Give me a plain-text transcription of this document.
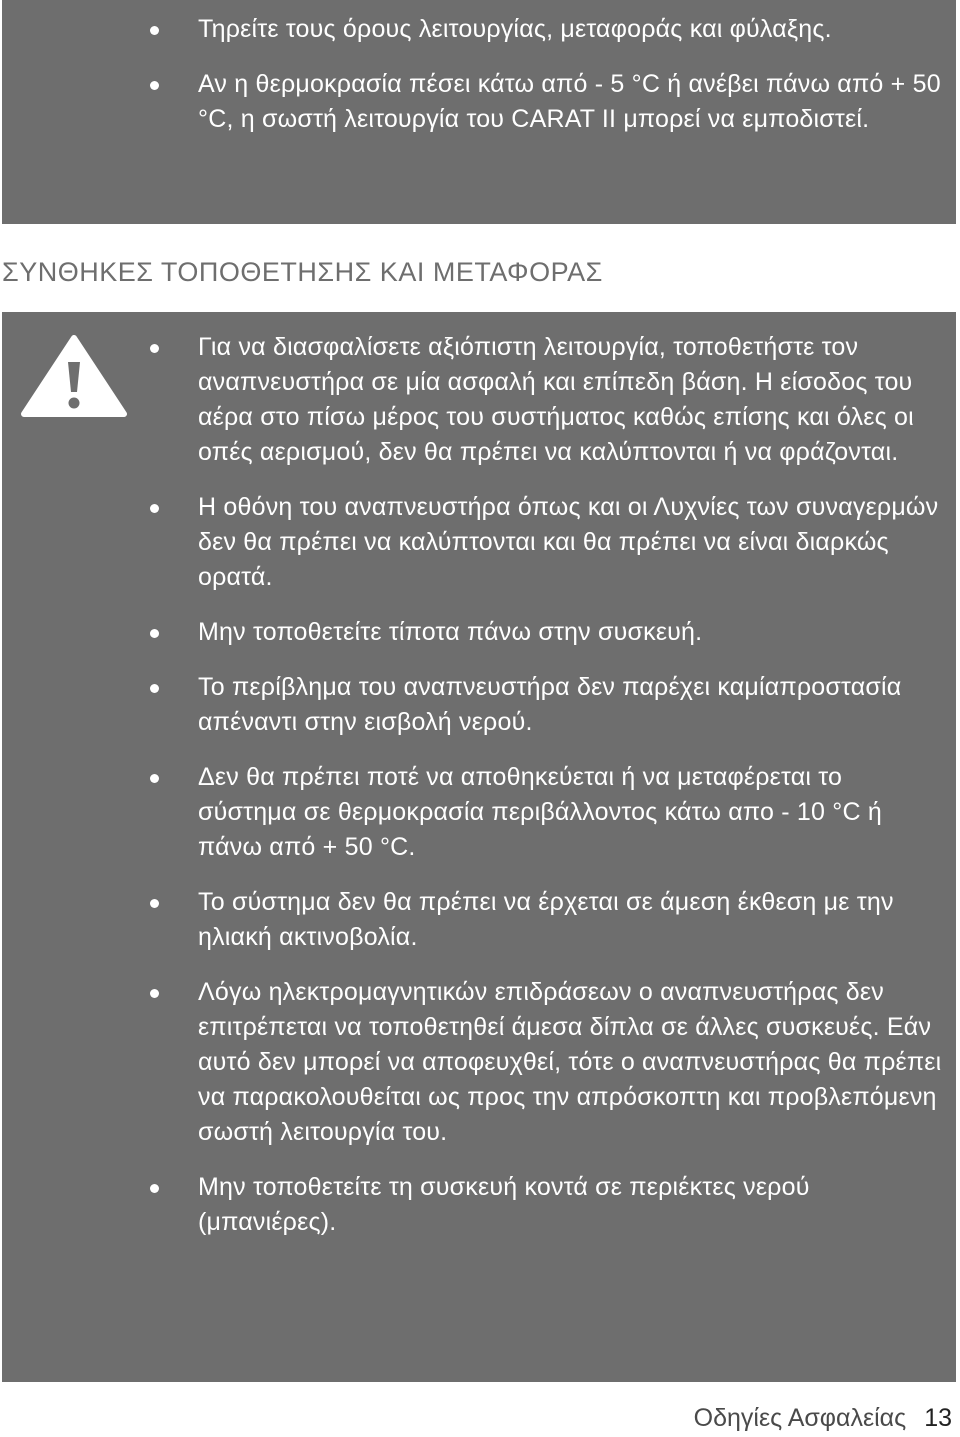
Τηρείτε τους όρους λειτουργίας, μεταφοράς και φύλαξης.
Αν η θερμοκρασία πέσει κάτω από - 5 °C ή ανέβει πάνω από + 50 °C, η σωστή λειτουργία του CARAT II μπορεί να εμποδιστεί.
ΣΥΝΘΗΚΕΣ ΤΟΠΟΘΕΤΗΣΗΣ ΚΑΙ ΜΕΤΑΦΟΡΑΣ
Για να διασφαλίσετε αξιόπιστη λειτουργία, τοποθετήστε τον αναπνευστήρα σε μία ασφαλή και επίπεδη βάση. Η είσοδος του αέρα στο πίσω μέρος του συστήματος καθώς επίσης και όλες οι οπές αερισμού, δεν θα πρέπει να καλύπτονται ή να φράζονται.
Η οθόνη του αναπνευστήρα όπως και οι Λυχνίες των συναγερμών δεν θα πρέπει να καλύπτονται και θα πρέπει να είναι διαρκώς ορατά.
Μην τοποθετείτε τίποτα πάνω στην συσκευή.
Το περίβλημα του αναπνευστήρα δεν παρέχει καμίαπροστασία απέναντι στην εισβολή νερού.
Δεν θα πρέπει ποτέ να αποθηκεύεται ή να μεταφέρεται το σύστημα σε θερμοκρασία περιβάλλοντος κάτω απο - 10 °C ή πάνω από + 50 °C.
Το σύστημα δεν θα πρέπει να έρχεται σε άμεση έκθεση με την ηλιακή ακτινοβολία.
Λόγω ηλεκτρομαγνητικών επιδράσεων ο αναπνευστήρας δεν επιτρέπεται να τοποθετηθεί άμεσα δίπλα σε άλλες συσκευές. Εάν αυτό δεν μπορεί να αποφευχθεί, τότε ο αναπνευστήρας θα πρέπει να παρακολουθείται ως προς την απρόσκοπτη και προβλεπόμενη σωστή λειτουργία του.
Μην τοποθετείτε τη συσκευή κοντά σε περιέκτες νερού (μπανιέρες).
Οδηγίες Ασφαλείας 13
